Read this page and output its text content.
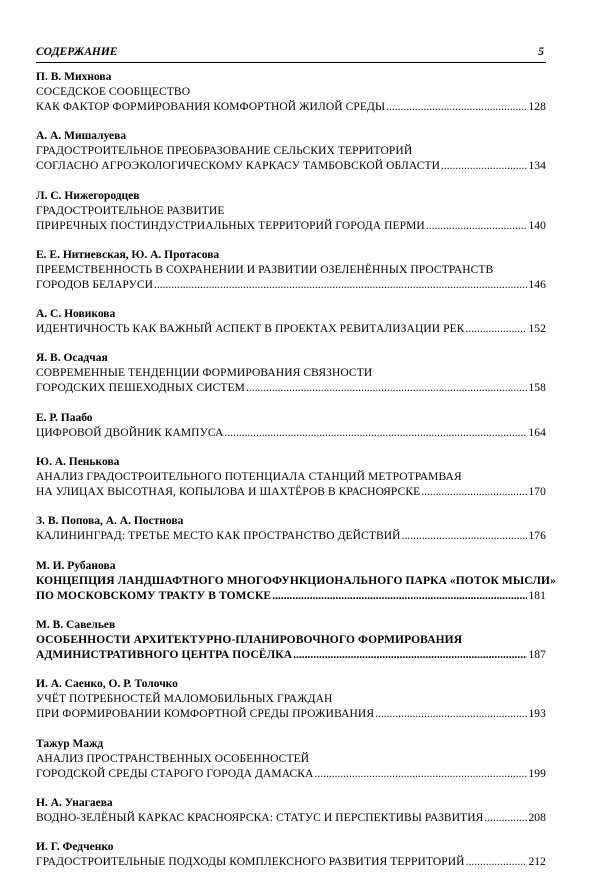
СОДЕРЖАНИЕ	5
П. В. Михнова
СОСЕДСКОЕ СООБЩЕСТВО
КАК ФАКТОР ФОРМИРОВАНИЯ КОМФОРТНОЙ ЖИЛОЙ СРЕДЫ .....	128
А. А. Мишалуева
ГРАДОСТРОИТЕЛЬНОЕ ПРЕОБРАЗОВАНИЕ СЕЛЬСКИХ ТЕРРИТОРИЙ
СОГЛАСНО АГРОЭКОЛОГИЧЕСКОМУ КАРКАСУ ТАМБОВСКОЙ ОБЛАСТИ .....	134
Л. С. Нижегородцев
ГРАДОСТРОИТЕЛЬНОЕ РАЗВИТИЕ
ПРИРЕЧНЫХ ПОСТИНДУСТРИАЛЬНЫХ ТЕРРИТОРИЙ ГОРОДА ПЕРМИ .....	140
Е. Е. Нитиевская, Ю. А. Протасова
ПРЕЕМСТВЕННОСТЬ В СОХРАНЕНИИ И РАЗВИТИИ ОЗЕЛЕНЁННЫХ ПРОСТРАНСТВ
ГОРОДОВ БЕЛАРУСИ .....	146
А. С. Новикова
ИДЕНТИЧНОСТЬ КАК ВАЖНЫЙ АСПЕКТ В ПРОЕКТАХ РЕВИТАЛИЗАЦИИ РЕК .....	152
Я. В. Осадчая
СОВРЕМЕННЫЕ ТЕНДЕНЦИИ ФОРМИРОВАНИЯ СВЯЗНОСТИ
ГОРОДСКИХ ПЕШЕХОДНЫХ СИСТЕМ .....	158
Е. Р. Паабо
ЦИФРОВОЙ ДВОЙНИК КАМПУСА .....	164
Ю. А. Пенькова
АНАЛИЗ ГРАДОСТРОИТЕЛЬНОГО ПОТЕНЦИАЛА СТАНЦИЙ МЕТРОТРАМВАЯ
НА УЛИЦАХ ВЫСОТНАЯ, КОПЫЛОВА И ШАХТЁРОВ В КРАСНОЯРСКЕ .....	170
З. В. Попова, А. А. Постнова
КАЛИНИНГРАД: ТРЕТЬЕ МЕСТО КАК ПРОСТРАНСТВО ДЕЙСТВИЙ .....	176
М. И. Рубанова
КОНЦЕПЦИЯ ЛАНДШАФТНОГО МНОГОФУНКЦИОНАЛЬНОГО ПАРКА «ПОТОК МЫСЛИ»
ПО МОСКОВСКОМУ ТРАКТУ В ТОМСКЕ .....	181
М. В. Савельев
ОСОБЕННОСТИ АРХИТЕКТУРНО-ПЛАНИРОВОЧНОГО ФОРМИРОВАНИЯ
АДМИНИСТРАТИВНОГО ЦЕНТРА ПОСЁЛКА .....	187
И. А. Саенко, О. Р. Толочко
УЧЁТ ПОТРЕБНОСТЕЙ МАЛОМОБИЛЬНЫХ ГРАЖДАН
ПРИ ФОРМИРОВАНИИ КОМФОРТНОЙ СРЕДЫ ПРОЖИВАНИЯ .....	193
Тажур Мажд
АНАЛИЗ ПРОСТРАНСТВЕННЫХ ОСОБЕННОСТЕЙ
ГОРОДСКОЙ СРЕДЫ СТАРОГО ГОРОДА ДАМАСКА .....	199
Н. А. Унагаева
ВОДНО-ЗЕЛЁНЫЙ КАРКАС КРАСНОЯРСКА: СТАТУС И ПЕРСПЕКТИВЫ РАЗВИТИЯ .....	208
И. Г. Федченко
ГРАДОСТРОИТЕЛЬНЫЕ ПОДХОДЫ КОМПЛЕКСНОГО РАЗВИТИЯ ТЕРРИТОРИЙ .....	212
